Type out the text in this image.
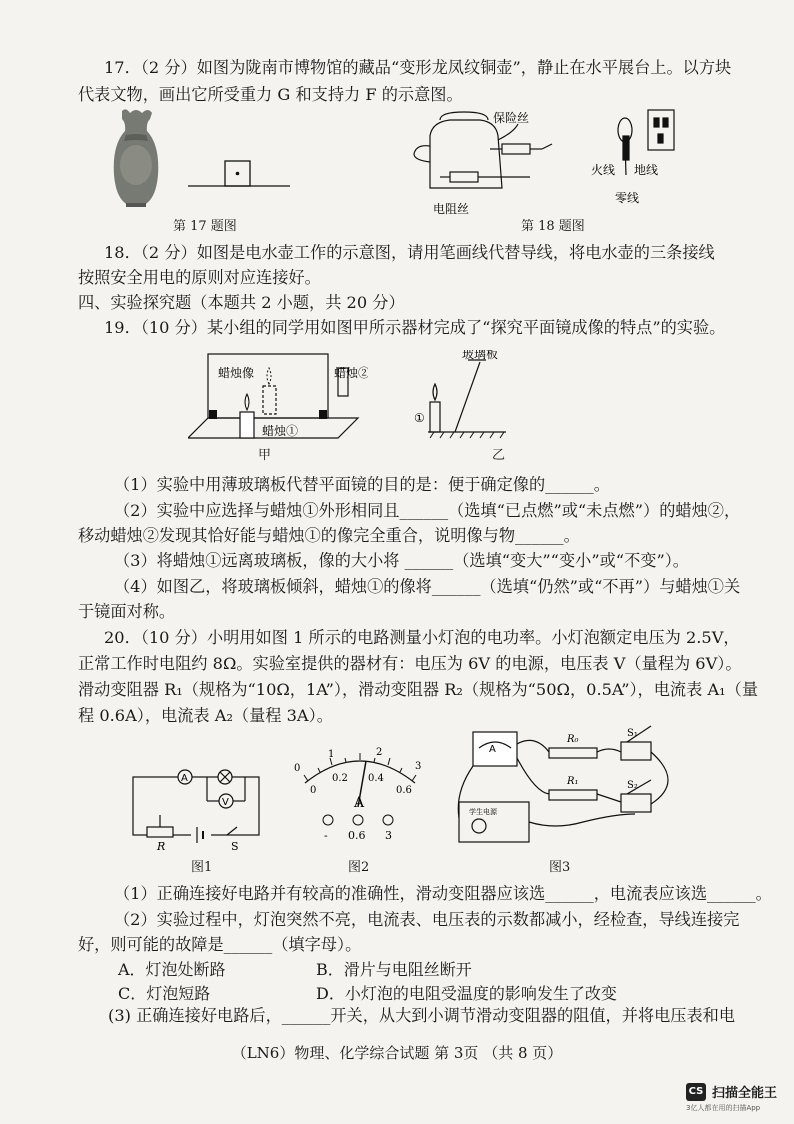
17．（2 分）如图为陇南市博物馆的藏品“变形龙凤纹铜壶”，静止在水平展台上。以方块
代表文物，画出它所受重力 G 和支持力 F 的示意图。
第 17 题图
保险丝
电阻丝
火线 地线
零线
第 18 题图
18．（2 分）如图是电水壶工作的示意图，请用笔画线代替导线，将电水壶的三条接线
按照安全用电的原则对应连接好。
四、实验探究题（本题共 2 小题，共 20 分）
19．（10 分）某小组的同学用如图甲所示器材完成了“探究平面镜成像的特点”的实验。
蜡烛像	蜡烛②
蜡烛①
甲
玻璃板
①
乙
（1）实验中用薄玻璃板代替平面镜的目的是：便于确定像的______。
（2）实验中应选择与蜡烛①外形相同且______（选填“已点燃”或“未点燃”）的蜡烛②，
移动蜡烛②发现其恰好能与蜡烛①的像完全重合，说明像与物______。
（3）将蜡烛①远离玻璃板，像的大小将 ______（选填“变大”“变小”或“不变”）。
（4）如图乙，将玻璃板倾斜，蜡烛①的像将______（选填“仍然”或“不再”）与蜡烛①关
于镜面对称。
20．（10 分）小明用如图 1 所示的电路测量小灯泡的电功率。小灯泡额定电压为 2.5V，
正常工作时电阻约 8Ω。实验室提供的器材有：电压为 6V 的电源，电压表 V（量程为 6V）。
滑动变阻器 R₁（规格为“10Ω，1A”），滑动变阻器 R₂（规格为“50Ω，0.5A”），电流表 A₁（量
程 0.6A），电流表 A₂（量程 3A）。
A
V
R	S
图1
0
1	2
3
0
0.2 0.4
0.6
A
- 0.6 3
图2
A
R₀
R₁
S₁
S₂
学生电源
图3
（1）正确连接好电路并有较高的准确性，滑动变阻器应该选______，电流表应该选______。
（2）实验过程中，灯泡突然不亮，电流表、电压表的示数都减小，经检查，导线连接完
好，则可能的故障是______（填字母）。
A．灯泡处断路	B．滑片与电阻丝断开
C．灯泡短路	D．小灯泡的电阻受温度的影响发生了改变
(3) 正确连接好电路后，______开关，从大到小调节滑动变阻器的阻值，并将电压表和电
（LN6）物理、化学综合试题 第 3页 （共 8 页）
CS 扫描全能王
3亿人都在用的扫描App
